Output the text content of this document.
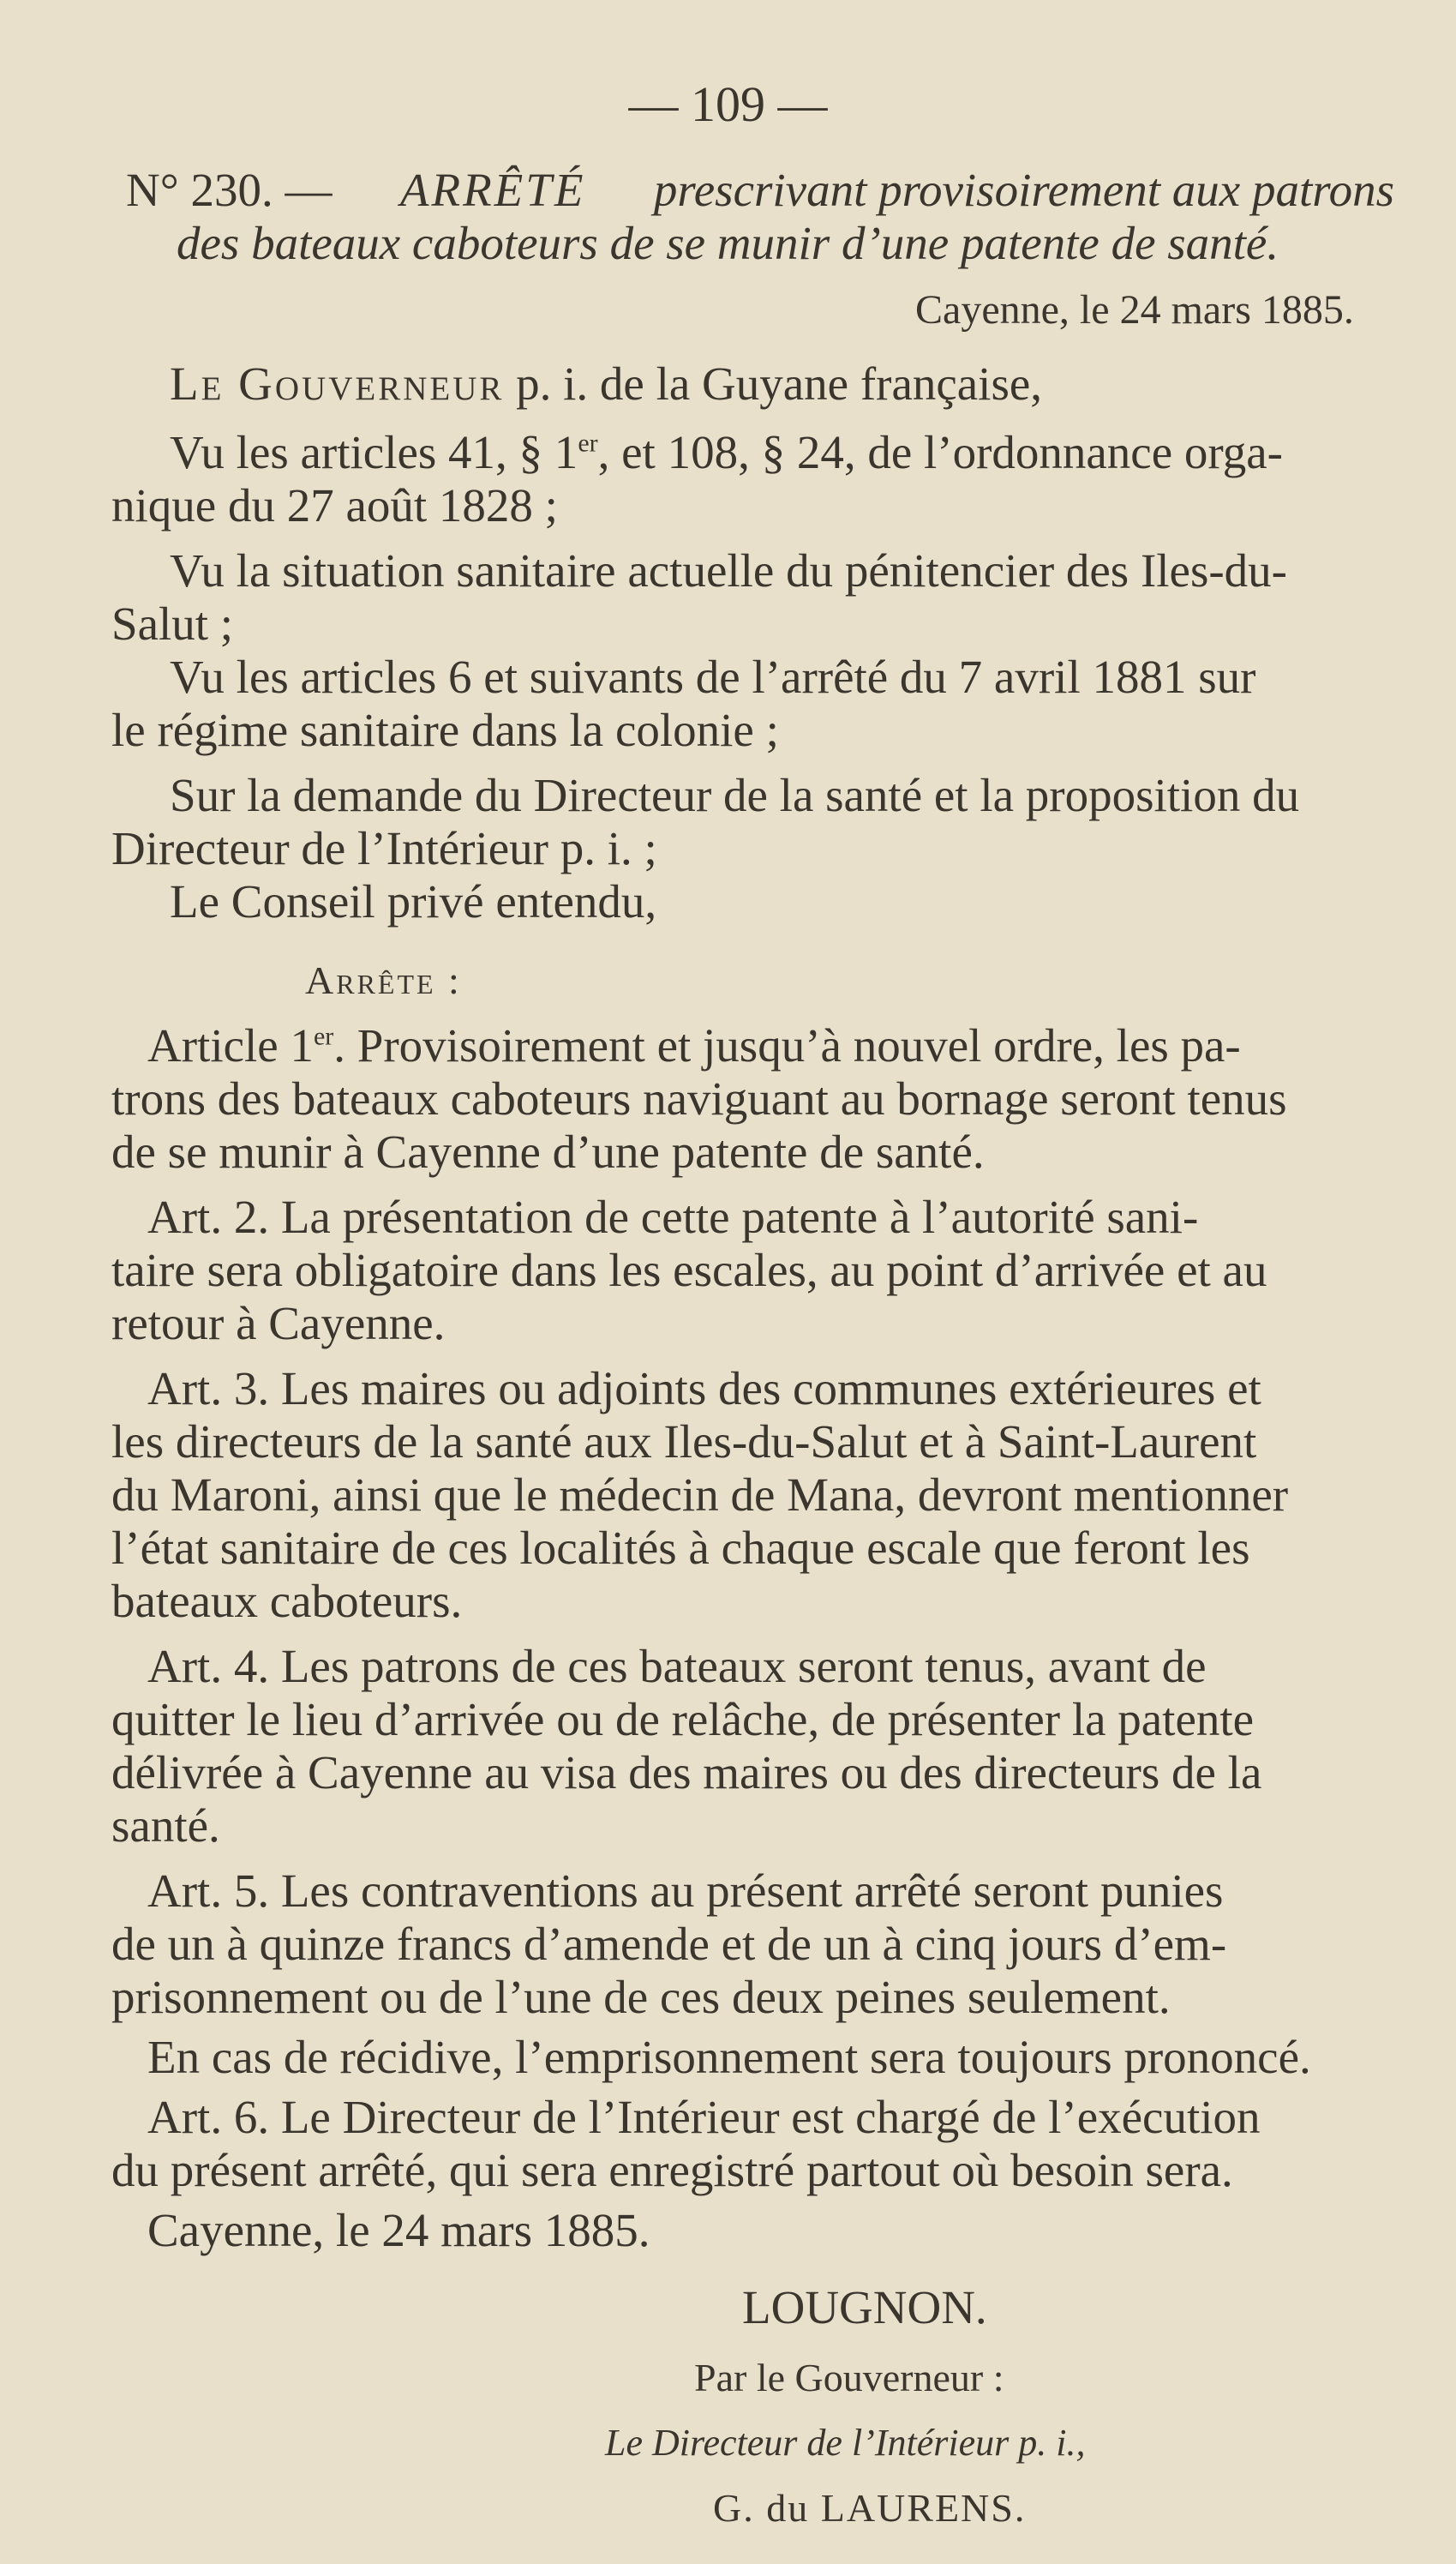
— 109 —
N° 230. — ARRÊTÉ prescrivant provisoirement aux patrons
des bateaux caboteurs de se munir d’une patente de santé.
Cayenne, le 24 mars 1885.
Le Gouverneur p. i. de la Guyane française,
Vu les articles 41, § 1er, et 108, § 24, de l’ordonnance orga-
nique du 27 août 1828 ;
Vu la situation sanitaire actuelle du pénitencier des Iles-du-
Salut ;
Vu les articles 6 et suivants de l’arrêté du 7 avril 1881 sur
le régime sanitaire dans la colonie ;
Sur la demande du Directeur de la santé et la proposition du
Directeur de l’Intérieur p. i. ;
Le Conseil privé entendu,
Arrête :
Article 1er. Provisoirement et jusqu’à nouvel ordre, les pa-
trons des bateaux caboteurs naviguant au bornage seront tenus
de se munir à Cayenne d’une patente de santé.
Art. 2. La présentation de cette patente à l’autorité sani-
taire sera obligatoire dans les escales, au point d’arrivée et au
retour à Cayenne.
Art. 3. Les maires ou adjoints des communes extérieures et
les directeurs de la santé aux Iles-du-Salut et à Saint-Laurent
du Maroni, ainsi que le médecin de Mana, devront mentionner
l’état sanitaire de ces localités à chaque escale que feront les
bateaux caboteurs.
Art. 4. Les patrons de ces bateaux seront tenus, avant de
quitter le lieu d’arrivée ou de relâche, de présenter la patente
délivrée à Cayenne au visa des maires ou des directeurs de la
santé.
Art. 5. Les contraventions au présent arrêté seront punies
de un à quinze francs d’amende et de un à cinq jours d’em-
prisonnement ou de l’une de ces deux peines seulement.
En cas de récidive, l’emprisonnement sera toujours prononcé.
Art. 6. Le Directeur de l’Intérieur est chargé de l’exécution
du présent arrêté, qui sera enregistré partout où besoin sera.
Cayenne, le 24 mars 1885.
LOUGNON.
Par le Gouverneur :
Le Directeur de l’Intérieur p. i.,
G. du LAURENS.
